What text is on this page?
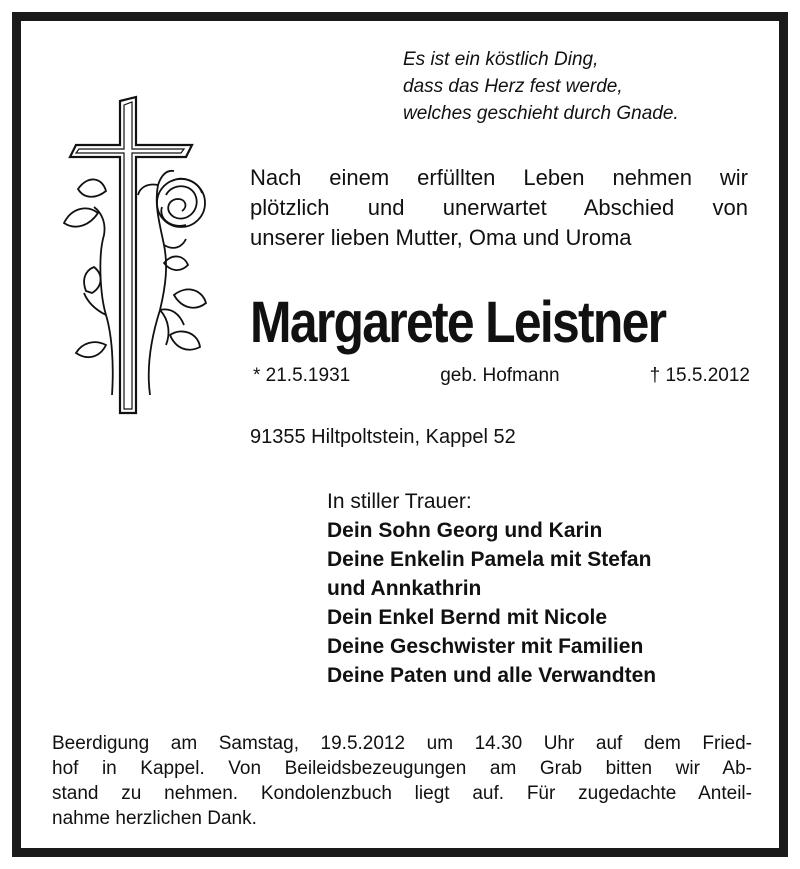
Es ist ein köstlich Ding,
dass das Herz fest werde,
welches geschieht durch Gnade.
Nach einem erfüllten Leben nehmen wir
plötzlich und unerwartet Abschied von
unserer lieben Mutter, Oma und Uroma
Margarete Leistner
* 21.5.1931	geb. Hofmann	† 15.5.2012
91355 Hiltpoltstein, Kappel 52
In stiller Trauer:
Dein Sohn Georg und Karin
Deine Enkelin Pamela mit Stefan
und Annkathrin
Dein Enkel Bernd mit Nicole
Deine Geschwister mit Familien
Deine Paten und alle Verwandten
Beerdigung am Samstag, 19.5.2012 um 14.30 Uhr auf dem Fried-
hof in Kappel. Von Beileidsbezeugungen am Grab bitten wir Ab-
stand zu nehmen. Kondolenzbuch liegt auf. Für zugedachte Anteil-
nahme herzlichen Dank.
